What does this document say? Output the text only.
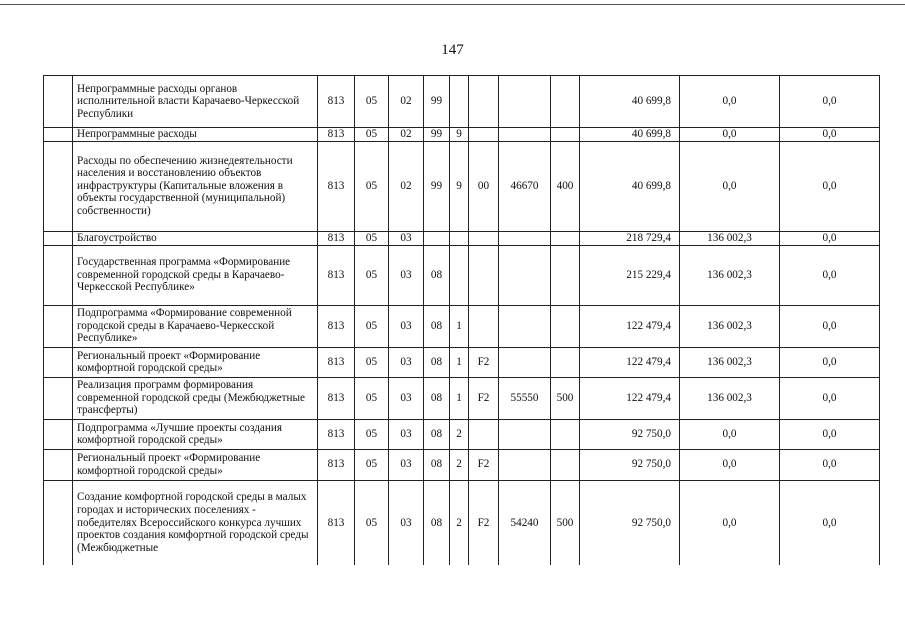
147
	Непрограммные расходы органов исполнительной власти Карачаево-Черкесской Республики	813	05	02	99					40 699,8	0,0	0,0
	Непрограммные расходы	813	05	02	99	9				40 699,8	0,0	0,0
	Расходы по обеспечению жизнедеятельности населения и восстановлению объектов инфраструктуры (Капитальные вложения в объекты государственной (муниципальной) собственности)	813	05	02	99	9	00	46670	400	40 699,8	0,0	0,0
	Благоустройство	813	05	03						218 729,4	136 002,3	0,0
	Государственная программа «Формирование современной городской среды в Карачаево-Черкесской Республике»	813	05	03	08					215 229,4	136 002,3	0,0
	Подпрограмма «Формирование современной городской среды в Карачаево-Черкесской Республике»	813	05	03	08	1				122 479,4	136 002,3	0,0
	Региональный проект «Формирование комфортной городской среды»	813	05	03	08	1	F2			122 479,4	136 002,3	0,0
	Реализация программ формирования современной городской среды (Межбюджетные трансферты)	813	05	03	08	1	F2	55550	500	122 479,4	136 002,3	0,0
	Подпрограмма «Лучшие проекты создания комфортной городской среды»	813	05	03	08	2				92 750,0	0,0	0,0
	Региональный проект «Формирование комфортной городской среды»	813	05	03	08	2	F2			92 750,0	0,0	0,0
	Создание комфортной городской среды в малых городах и исторических поселениях - победителях Всероссийского конкурса лучших проектов создания комфортной городской среды (Межбюджетные	813	05	03	08	2	F2	54240	500	92 750,0	0,0	0,0
